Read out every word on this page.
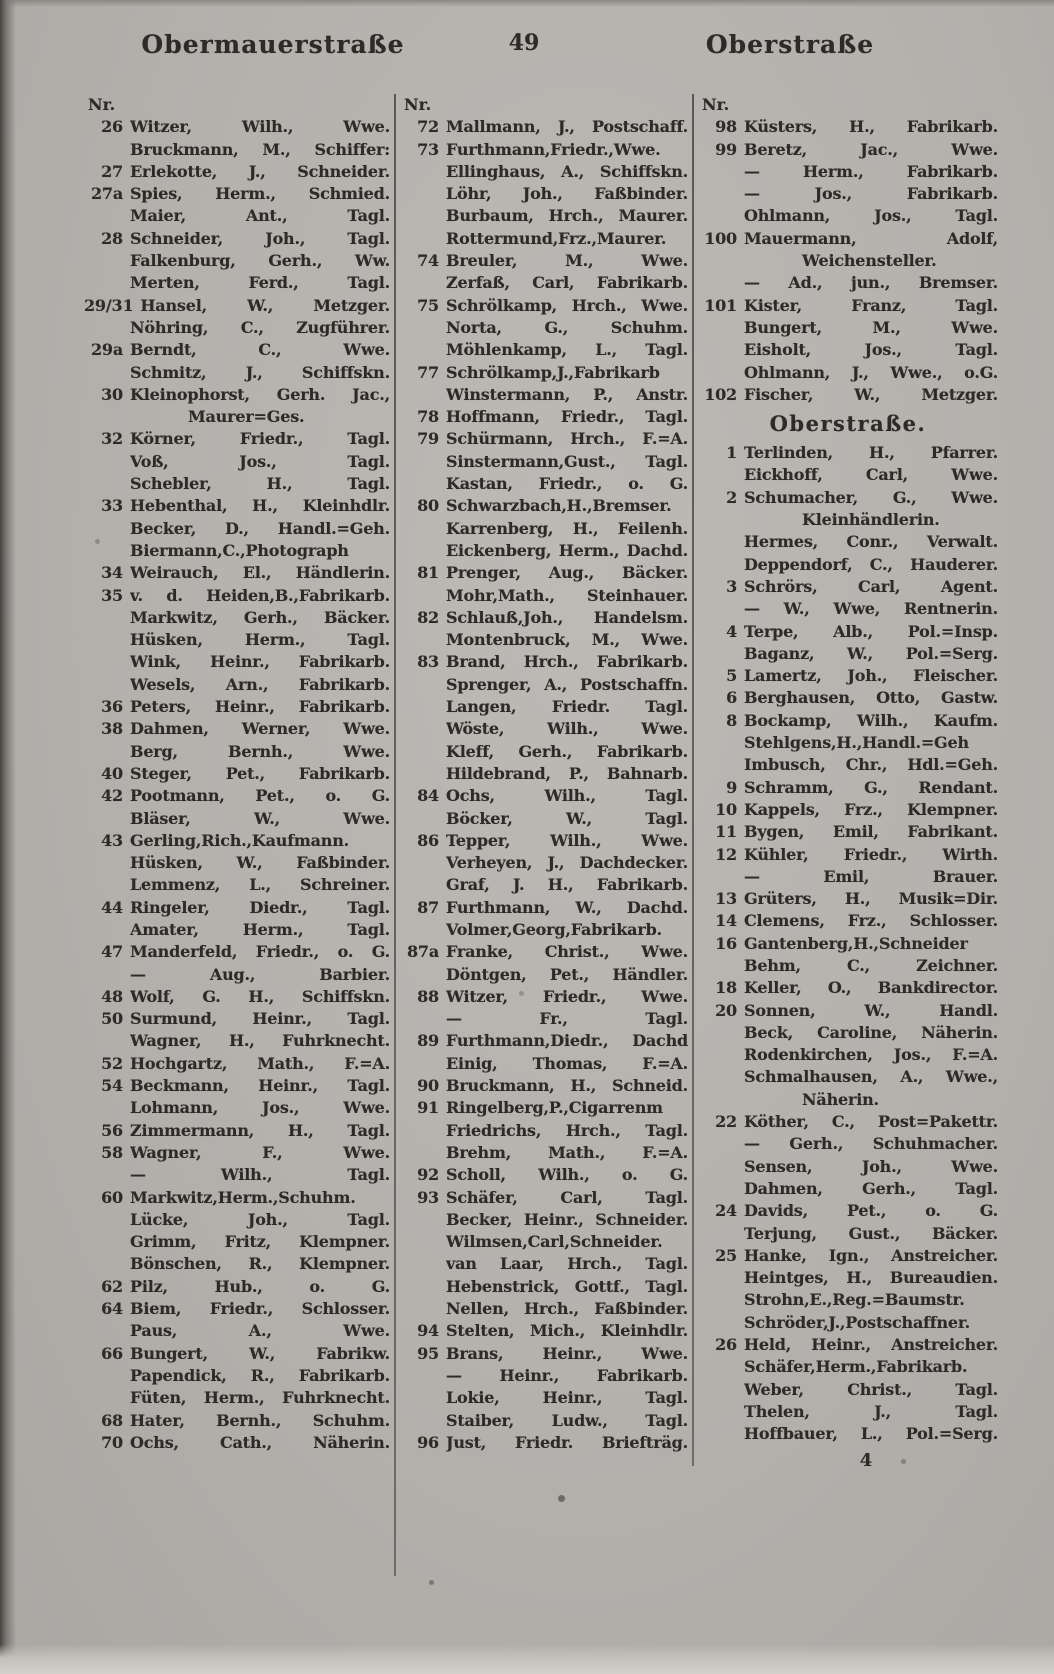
Obermauerstraße	49	Oberstraße
Nr.
26 Witzer, Wilh., Wwe.
Bruckmann, M., Schiffer:
27 Erlekotte, J., Schneider.
27a Spies, Herm., Schmied.
Maier, Ant., Tagl.
28 Schneider, Joh., Tagl.
Falkenburg, Gerh., Ww.
Merten, Ferd., Tagl.
29/31 Hansel, W., Metzger.
Nöhring, C., Zugführer.
29a Berndt, C., Wwe.
Schmitz, J., Schiffskn.
30 Kleinophorst, Gerh. Jac.,
Maurer=Ges.
32 Körner, Friedr., Tagl.
Voß, Jos., Tagl.
Schebler, H., Tagl.
33 Hebenthal, H., Kleinhdlr.
Becker, D., Handl.=Geh.
Biermann,C.,Photograph
34 Weirauch, El., Händlerin.
35 v. d. Heiden,B.,Fabrikarb.
Markwitz, Gerh., Bäcker.
Hüsken, Herm., Tagl.
Wink, Heinr., Fabrikarb.
Wesels, Arn., Fabrikarb.
36 Peters, Heinr., Fabrikarb.
38 Dahmen, Werner, Wwe.
Berg, Bernh., Wwe.
40 Steger, Pet., Fabrikarb.
42 Pootmann, Pet., o. G.
Bläser, W., Wwe.
43 Gerling,Rich.,Kaufmann.
Hüsken, W., Faßbinder.
Lemmenz, L., Schreiner.
44 Ringeler, Diedr., Tagl.
Amater, Herm., Tagl.
47 Manderfeld, Friedr., o. G.
— Aug., Barbier.
48 Wolf, G. H., Schiffskn.
50 Surmund, Heinr., Tagl.
Wagner, H., Fuhrknecht.
52 Hochgartz, Math., F.=A.
54 Beckmann, Heinr., Tagl.
Lohmann, Jos., Wwe.
56 Zimmermann, H., Tagl.
58 Wagner, F., Wwe.
— Wilh., Tagl.
60 Markwitz,Herm.,Schuhm.
Lücke, Joh., Tagl.
Grimm, Fritz, Klempner.
Bönschen, R., Klempner.
62 Pilz, Hub., o. G.
64 Biem, Friedr., Schlosser.
Paus, A., Wwe.
66 Bungert, W., Fabrikw.
Papendick, R., Fabrikarb.
Füten, Herm., Fuhrknecht.
68 Hater, Bernh., Schuhm.
70 Ochs, Cath., Näherin.
Nr.
72 Mallmann, J., Postschaff.
73 Furthmann,Friedr.,Wwe.
Ellinghaus, A., Schiffskn.
Löhr, Joh., Faßbinder.
Burbaum, Hrch., Maurer.
Rottermund,Frz.,Maurer.
74 Breuler, M., Wwe.
Zerfaß, Carl, Fabrikarb.
75 Schrölkamp, Hrch., Wwe.
Norta, G., Schuhm.
Möhlenkamp, L., Tagl.
77 Schrölkamp,J.,Fabrikarb
Winstermann, P., Anstr.
78 Hoffmann, Friedr., Tagl.
79 Schürmann, Hrch., F.=A.
Sinstermann,Gust., Tagl.
Kastan, Friedr., o. G.
80 Schwarzbach,H.,Bremser.
Karrenberg, H., Feilenh.
Eickenberg, Herm., Dachd.
81 Prenger, Aug., Bäcker.
Mohr,Math., Steinhauer.
82 Schlauß,Joh., Handelsm.
Montenbruck, M., Wwe.
83 Brand, Hrch., Fabrikarb.
Sprenger, A., Postschaffn.
Langen, Friedr. Tagl.
Wöste, Wilh., Wwe.
Kleff, Gerh., Fabrikarb.
Hildebrand, P., Bahnarb.
84 Ochs, Wilh., Tagl.
Böcker, W., Tagl.
86 Tepper, Wilh., Wwe.
Verheyen, J., Dachdecker.
Graf, J. H., Fabrikarb.
87 Furthmann, W., Dachd.
Volmer,Georg,Fabrikarb.
87a Franke, Christ., Wwe.
Döntgen, Pet., Händler.
88 Witzer, Friedr., Wwe.
— Fr., Tagl.
89 Furthmann,Diedr., Dachd
Einig, Thomas, F.=A.
90 Bruckmann, H., Schneid.
91 Ringelberg,P.,Cigarrenm
Friedrichs, Hrch., Tagl.
Brehm, Math., F.=A.
92 Scholl, Wilh., o. G.
93 Schäfer, Carl, Tagl.
Becker, Heinr., Schneider.
Wilmsen,Carl,Schneider.
van Laar, Hrch., Tagl.
Hebenstrick, Gottf., Tagl.
Nellen, Hrch., Faßbinder.
94 Stelten, Mich., Kleinhdlr.
95 Brans, Heinr., Wwe.
— Heinr., Fabrikarb.
Lokie, Heinr., Tagl.
Staiber, Ludw., Tagl.
96 Just, Friedr. Briefträg.
Nr.
98 Küsters, H., Fabrikarb.
99 Beretz, Jac., Wwe.
— Herm., Fabrikarb.
— Jos., Fabrikarb.
Ohlmann, Jos., Tagl.
100 Mauermann, Adolf,
Weichensteller.
— Ad., jun., Bremser.
101 Kister, Franz, Tagl.
Bungert, M., Wwe.
Eisholt, Jos., Tagl.
Ohlmann, J., Wwe., o.G.
102 Fischer, W., Metzger.
Oberstraße.
1 Terlinden, H., Pfarrer.
Eickhoff, Carl, Wwe.
2 Schumacher, G., Wwe.
Kleinhändlerin.
Hermes, Conr., Verwalt.
Deppendorf, C., Hauderer.
3 Schrörs, Carl, Agent.
— W., Wwe, Rentnerin.
4 Terpe, Alb., Pol.=Insp.
Baganz, W., Pol.=Serg.
5 Lamertz, Joh., Fleischer.
6 Berghausen, Otto, Gastw.
8 Bockamp, Wilh., Kaufm.
Stehlgens,H.,Handl.=Geh
Imbusch, Chr., Hdl.=Geh.
9 Schramm, G., Rendant.
10 Kappels, Frz., Klempner.
11 Bygen, Emil, Fabrikant.
12 Kühler, Friedr., Wirth.
— Emil, Brauer.
13 Grüters, H., Musik=Dir.
14 Clemens, Frz., Schlosser.
16 Gantenberg,H.,Schneider
Behm, C., Zeichner.
18 Keller, O., Bankdirector.
20 Sonnen, W., Handl.
Beck, Caroline, Näherin.
Rodenkirchen, Jos., F.=A.
Schmalhausen, A., Wwe.,
Näherin.
22 Köther, C., Post=Pakettr.
— Gerh., Schuhmacher.
Sensen, Joh., Wwe.
Dahmen, Gerh., Tagl.
24 Davids, Pet., o. G.
Terjung, Gust., Bäcker.
25 Hanke, Ign., Anstreicher.
Heintges, H., Bureaudien.
Strohn,E.,Reg.=Baumstr.
Schröder,J.,Postschaffner.
26 Held, Heinr., Anstreicher.
Schäfer,Herm.,Fabrikarb.
Weber, Christ., Tagl.
Thelen, J., Tagl.
Hoffbauer, L., Pol.=Serg.
4
